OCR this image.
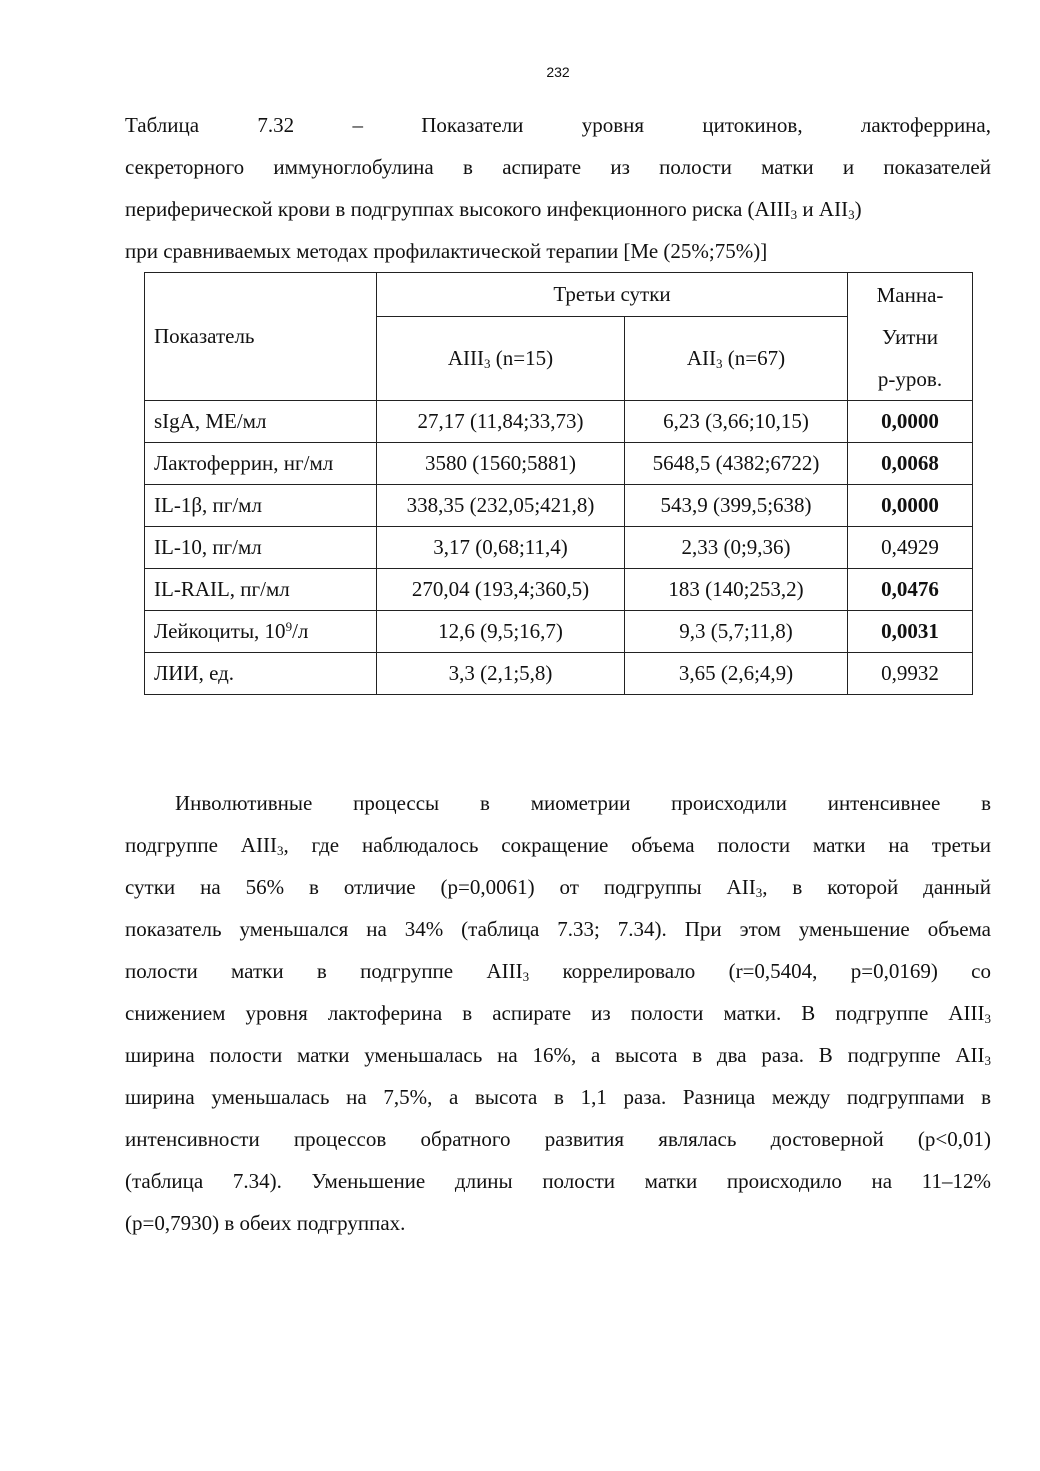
232
Таблица 7.32 – Показатели уровня цитокинов, лактоферрина,
секреторного иммуноглобулина в аспирате из полости матки и показателей
периферической крови в подгруппах высокого инфекционного риска ($АIII_3$ и $АII_3$)
при сравниваемых методах профилактической терапии [Ме (25%;75%)]
Показатель	Третьи сутки		Манна-
Уитни
р-уров.

	$АIII_3$ (n=15)	$АII_3$ (n=67)	
sIgA, МЕ/мл	27,17 (11,84;33,73)	6,23 (3,66;10,15)	0,0000
Лактоферрин, нг/мл	3580 (1560;5881)	5648,5 (4382;6722)	0,0068
IL-1β, пг/мл	338,35 (232,05;421,8)	543,9 (399,5;638)	0,0000
IL-10, пг/мл	3,17 (0,68;11,4)	2,33 (0;9,36)	0,4929
IL-RAIL, пг/мл	270,04 (193,4;360,5)	183 (140;253,2)	0,0476
Лейкоциты, $10^9/л$	12,6 (9,5;16,7)	9,3 (5,7;11,8)	0,0031
ЛИИ, ед.	3,3 (2,1;5,8)	3,65 (2,6;4,9)	0,9932
Инволютивные процессы в миометрии происходили интенсивнее в
подгруппе $АIII_3$, где наблюдалось сокращение объема полости матки на третьи
сутки на 56% в отличие (р=0,0061) от подгруппы $АII_3$, в которой данный
показатель уменьшался на 34% (таблица 7.33; 7.34). При этом уменьшение объема
полости матки в подгруппе $АIII_3$ коррелировало (r=0,5404, p=0,0169) со
снижением уровня лактоферина в аспирате из полости матки. В подгруппе $АIII_3$
ширина полости матки уменьшалась на 16%, а высота в два раза. В подгруппе $АII_3$
ширина уменьшалась на 7,5%, а высота в 1,1 раза. Разница между подгруппами в
интенсивности процессов обратного развития являлась достоверной (р<0,01)
(таблица 7.34). Уменьшение длины полости матки происходило на 11–12%
(р=0,7930) в обеих подгруппах.
